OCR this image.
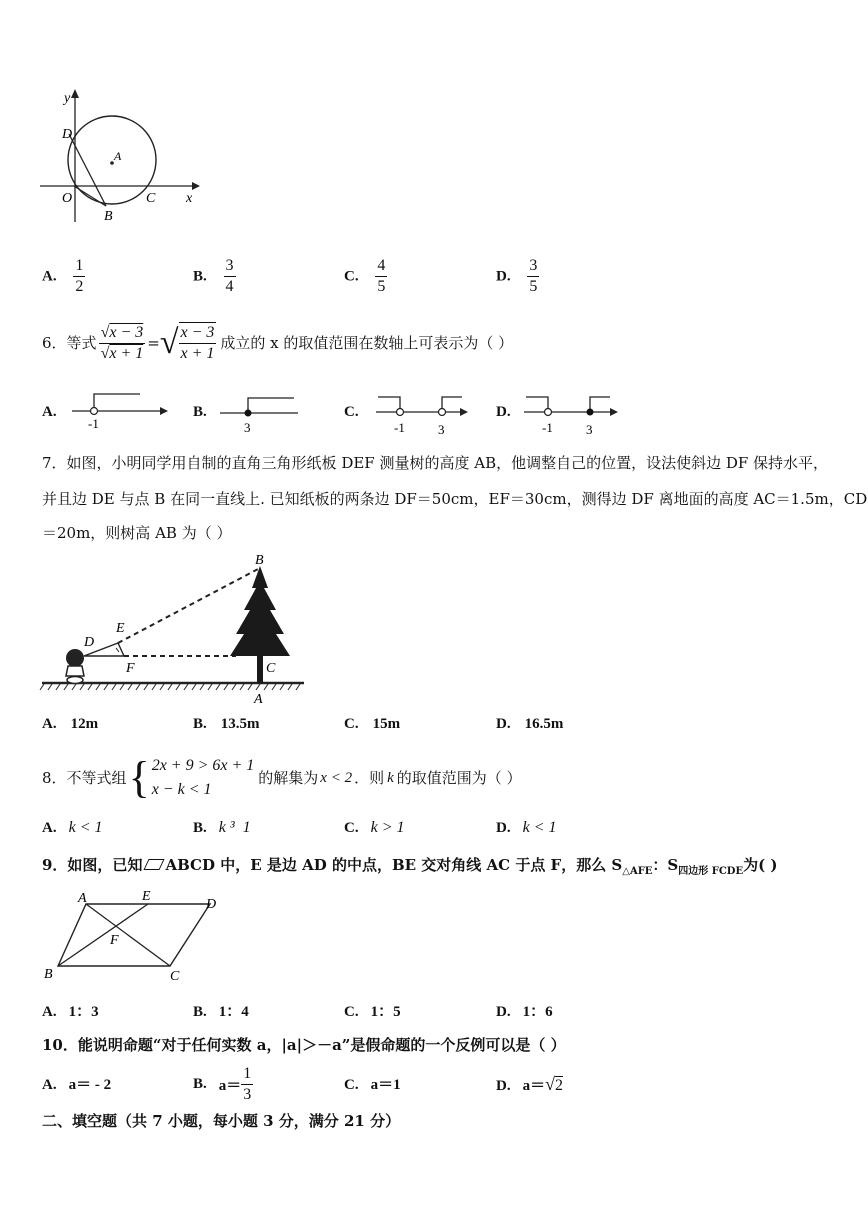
y
x
O
D
A
B
C
A. $\frac{1}{2}$	B. $\frac{3}{4}$	C. $\frac{4}{5}$	D. $\frac{3}{5}$
6． 等式 $\frac{√x - 3}{√x + 1}$ = √ $\frac{x - 3}{x + 1}$ 成立的 x 的取值范围在数轴上可表示为（ ）
A.
-1
B.
3
C.
-1	3
D.
-1	3
7．如图，小明同学用自制的直角三角形纸板 DEF 测量树的高度 AB，他调整自己的位置，设法使斜边 DF 保持水平，
并且边 DE 与点 B 在同一直线上. 已知纸板的两条边 DF＝50cm，EF＝30cm，测得边 DF 离地面的高度 AC＝1.5m，CD
＝20m，则树高 AB 为（ ）
B
E
D
F	C
A
A. 12m	B. 13.5m	C. 15m	D. 16.5m
8． 不等式组 { 2x + 9 > 6x + 1
x − k < 1
的解集为 x < 2 ．则 k 的取值范围为（ ）
A. k < 1	B. k ³  1	C. k > 1	D. k < 1
9．如图，已知 ABCD 中，E 是边 AD 的中点，BE 交对角线 AC 于点 F，那么 $S_{\triangle AFE}$：$S_{四边形 FCDE}$为( )
A	E
D
F
B	C
A. 1：3	B. 1：4	C. 1：5	D. 1：6
10．能说明命题“对于任何实数 a，|a|＞－a”是假命题的一个反例可以是（ ）
A. a＝ - 2	B. $a= \frac{1}{3}$	C. a＝1	D. a＝√2
二、填空题（共 7 小题，每小题 3 分，满分 21 分）
